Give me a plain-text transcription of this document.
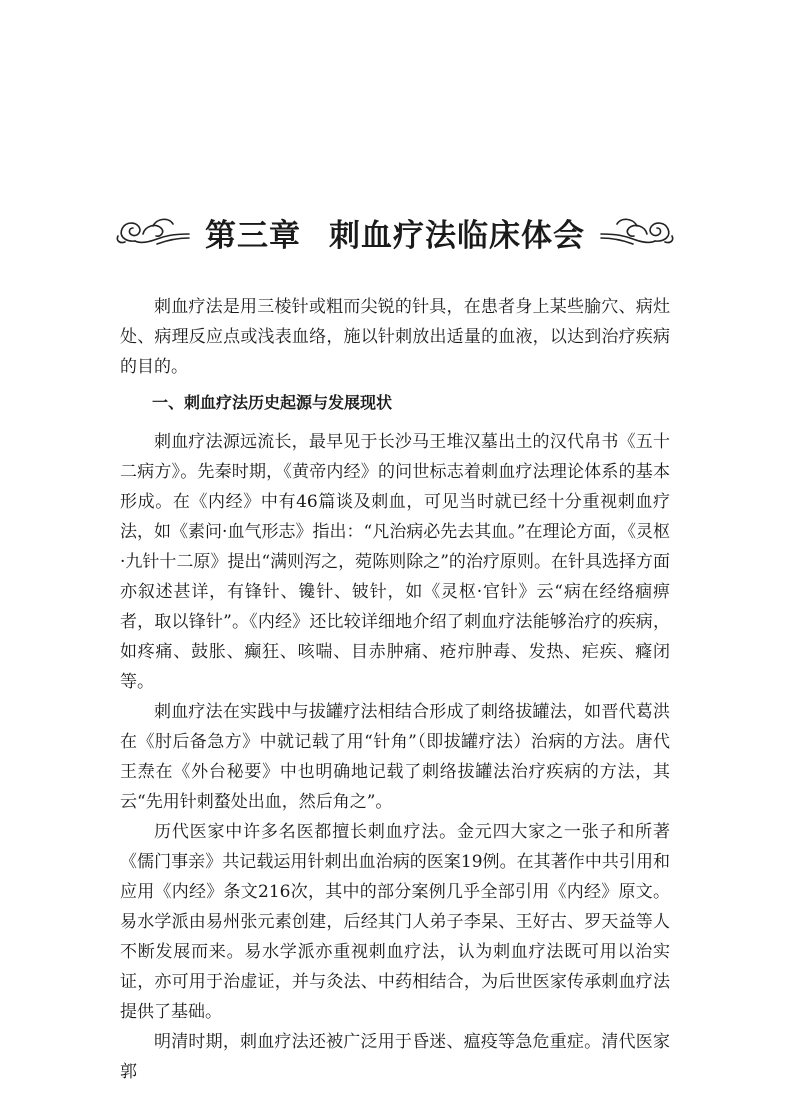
第三章 刺血疗法临床体会

刺血疗法是用三棱针或粗而尖锐的针具，在患者身上某些腧穴、病灶处、病理反应点或浅表血络，施以针刺放出适量的血液，以达到治疗疾病的目的。

一、刺血疗法历史起源与发展现状

刺血疗法源远流长，最早见于长沙马王堆汉墓出土的汉代帛书《五十二病方》。先秦时期，《黄帝内经》的问世标志着刺血疗法理论体系的基本形成。在《内经》中有46篇谈及刺血，可见当时就已经十分重视刺血疗法，如《素问·血气形志》指出：“凡治病必先去其血。”在理论方面，《灵枢·九针十二原》提出“满则泻之，菀陈则除之”的治疗原则。在针具选择方面亦叙述甚详，有锋针、镵针、铍针，如《灵枢·官针》云“病在经络痼痹者，取以锋针”。《内经》还比较详细地介绍了刺血疗法能够治疗的疾病，如疼痛、鼓胀、癫狂、咳喘、目赤肿痛、疮疖肿毒、发热、疟疾、癃闭等。

刺血疗法在实践中与拔罐疗法相结合形成了刺络拔罐法，如晋代葛洪在《肘后备急方》中就记载了用“针角”（即拔罐疗法）治病的方法。唐代王焘在《外台秘要》中也明确地记载了刺络拔罐法治疗疾病的方法，其云“先用针刺蝥处出血，然后角之”。

历代医家中许多名医都擅长刺血疗法。金元四大家之一张子和所著《儒门事亲》共记载运用针刺出血治病的医案19例。在其著作中共引用和应用《内经》条文216次，其中的部分案例几乎全部引用《内经》原文。易水学派由易州张元素创建，后经其门人弟子李杲、王好古、罗天益等人不断发展而来。易水学派亦重视刺血疗法，认为刺血疗法既可用以治实证，亦可用于治虚证，并与灸法、中药相结合，为后世医家传承刺血疗法提供了基础。

明清时期，刺血疗法还被广泛用于昏迷、瘟疫等急危重症。清代医家郭
